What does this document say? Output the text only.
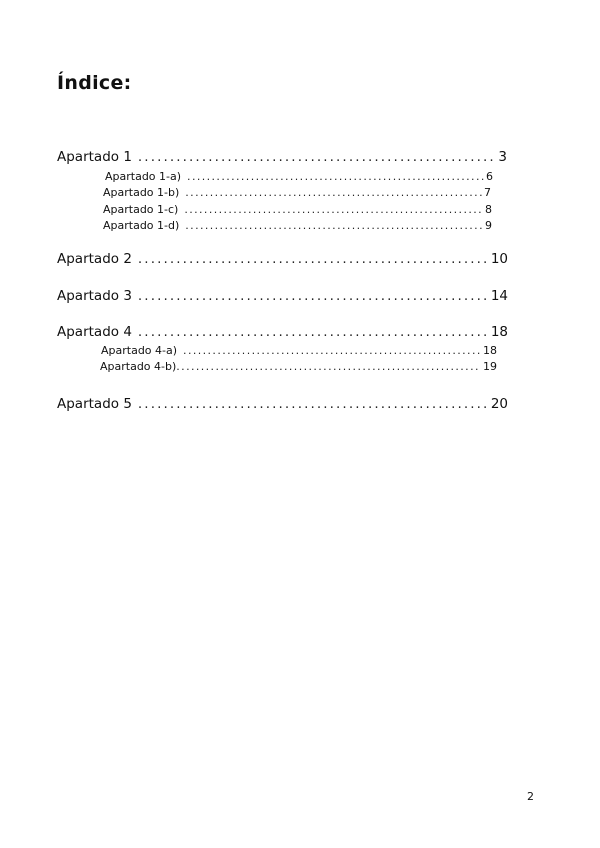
Índice:
Apartado 1 .....	3
Apartado 1-a) .....	6
Apartado 1-b) .....	7
Apartado 1-c) .....	8
Apartado 1-d) .....	9
Apartado 2 .....	10
Apartado 3 .....	14
Apartado 4 .....	18
Apartado 4-a) .....	18
Apartado 4-b) .....	19
Apartado 5 .....	20
2
